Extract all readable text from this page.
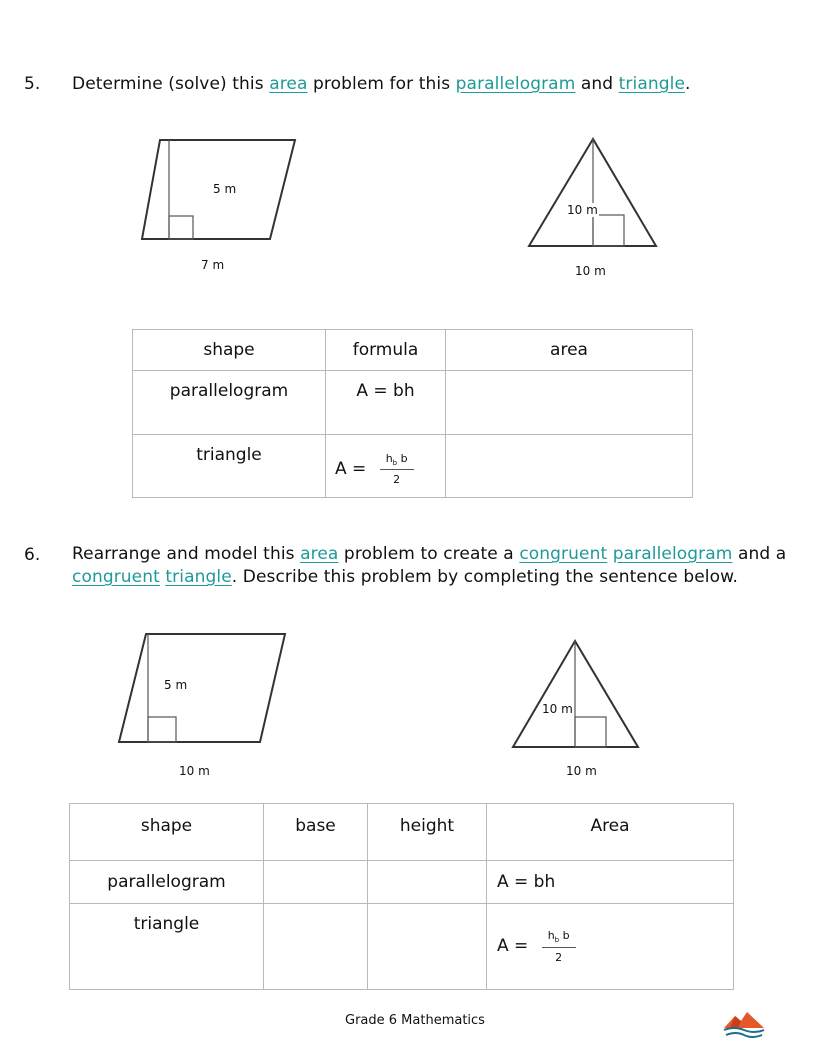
5. Determine (solve) this area problem for this parallelogram and triangle.
5 m
7 m
10 m
10 m
shape	formula	area
parallelogram	A = bh	
triangle	$A = \frac{h_b b}{2}$

6. Rearrange and model this area problem to create a congruent parallelogram and a
congruent triangle. Describe this problem by completing the sentence below.
5 m
10 m
10 m
10 m
shape	base	height	Area
parallelogram			A = bh
triangle			$A = \frac{h_b b}{2}$
Grade 6 Mathematics
